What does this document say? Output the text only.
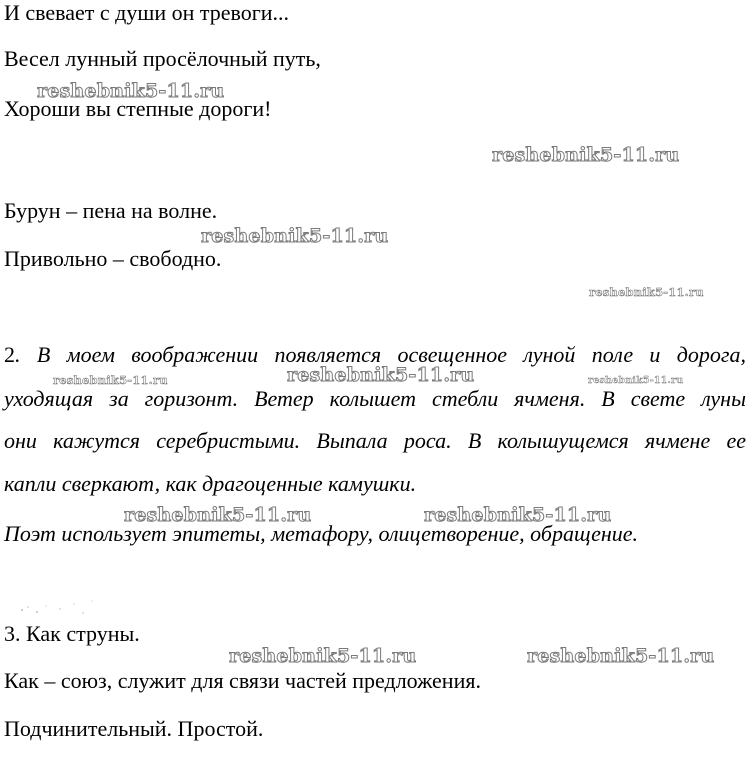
И свевает с души он тревоги...
Весел лунный просёлочный путь,
Хороши вы степные дороги!
Бурун – пена на волне.
Привольно – свободно.
2. В моем воображении появляется освещенное луной поле и дорога,
уходящая за горизонт. Ветер колышет стебли ячменя. В свете луны
они кажутся серебристыми. Выпала роса. В колышущемся ячмене ее
капли сверкают, как драгоценные камушки.
Поэт использует эпитеты, метафору, олицетворение, обращение.
3. Как струны.
Как – союз, служит для связи частей предложения.
Подчинительный. Простой.
reshebnik5-11.ru
reshebnik5-11.ru
reshebnik5-11.ru
reshebnik5-11.ru
reshebnik5-11.ru	reshebnik5-11.ru	reshebnik5-11.ru
reshebnik5-11.ru	reshebnik5-11.ru
reshebnik5-11.ru	reshebnik5-11.ru
